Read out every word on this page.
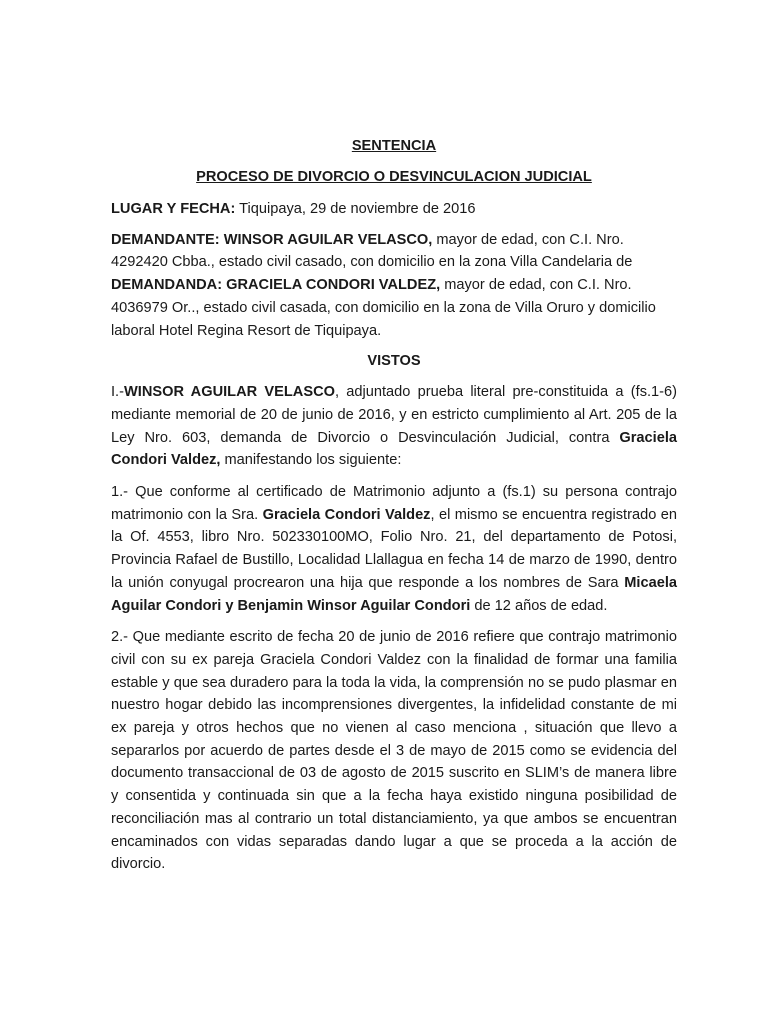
SENTENCIA
PROCESO DE DIVORCIO O DESVINCULACION JUDICIAL

LUGAR Y FECHA: Tiquipaya, 29 de noviembre de 2016

DEMANDANTE: WINSOR AGUILAR VELASCO, mayor de edad, con C.I. Nro. 4292420 Cbba., estado civil casado, con domicilio en la zona Villa Candelaria de
DEMANDANDA: GRACIELA CONDORI VALDEZ, mayor de edad, con C.I. Nro. 4036979 Or.., estado civil casada, con domicilio en la zona de Villa Oruro y domicilio laboral Hotel Regina Resort de Tiquipaya.

VISTOS

I.-WINSOR AGUILAR VELASCO, adjuntado prueba literal pre-constituida a (fs.1-6) mediante memorial de 20 de junio de 2016, y en estricto cumplimiento al Art. 205 de la Ley Nro. 603, demanda de Divorcio o Desvinculación Judicial, contra Graciela Condori Valdez, manifestando los siguiente:

1.- Que conforme al certificado de Matrimonio adjunto a (fs.1) su persona contrajo matrimonio con la Sra. Graciela Condori Valdez, el mismo se encuentra registrado en la Of. 4553, libro Nro. 502330100MO, Folio Nro. 21, del departamento de Potosi, Provincia Rafael de Bustillo, Localidad Llallagua en fecha 14 de marzo de 1990, dentro la unión conyugal procrearon una hija que responde a los nombres de Sara Micaela Aguilar Condori y Benjamin Winsor Aguilar Condori de 12 años de edad.

2.- Que mediante escrito de fecha 20 de junio de 2016 refiere que contrajo matrimonio civil con su ex pareja Graciela Condori Valdez con la finalidad de formar una familia estable y que sea duradero para la toda la vida, la comprensión no se pudo plasmar en nuestro hogar debido las incomprensiones divergentes, la infidelidad constante de mi ex pareja y otros hechos que no vienen al caso menciona , situación que llevo a separarlos por acuerdo de partes desde el 3 de mayo de 2015 como se evidencia del documento transaccional de 03 de agosto de 2015 suscrito en SLIM’s de manera libre y consentida y continuada sin que a la fecha haya existido ninguna posibilidad de reconciliación mas al contrario un total distanciamiento, ya que ambos se encuentran encaminados con vidas separadas dando lugar a que se proceda a la acción de divorcio.
